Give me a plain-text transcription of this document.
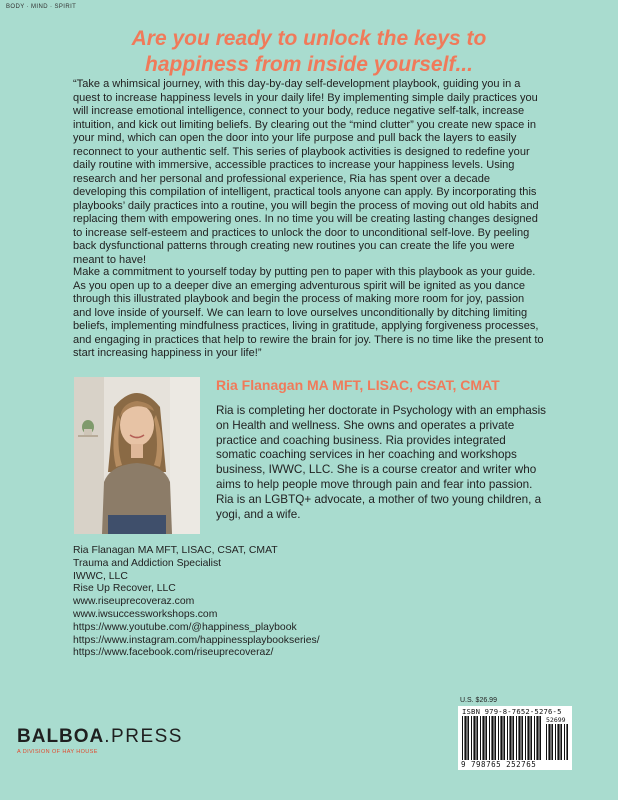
BODY · MIND · SPIRIT
Are you ready to unlock the keys to
happiness from inside yourself...

“Take a whimsical journey, with this day-by-day self-development playbook, guiding you in a quest to increase happiness levels in your daily life! By implementing simple daily practices you will increase emotional intelligence, connect to your body, reduce negative self-talk, increase intuition, and kick out limiting beliefs. By clearing out the “mind clutter” you create new space in your mind, which can open the door into your life purpose and pull back the layers to easily reconnect to your authentic self. This series of playbook activities is designed to redefine your daily routine with immersive, accessible practices to increase your happiness levels. Using research and her personal and professional experience, Ria has spent over a decade developing this compilation of intelligent, practical tools anyone can apply. By incorporating this playbooks’ daily practices into a routine, you will begin the process of moving out old habits and replacing them with empowering ones. In no time you will be creating lasting changes designed to increase self-esteem and practices to unlock the door to unconditional self-love. By peeling back dysfunctional patterns through creating new routines you can create the life you were meant to have!

Make a commitment to yourself today by putting pen to paper with this playbook as your guide. As you open up to a deeper dive an emerging adventurous spirit will be ignited as you dance through this illustrated playbook and begin the process of making more room for joy, passion and love inside of yourself. We can learn to love ourselves unconditionally by ditching limiting beliefs, implementing mindfulness practices, living in gratitude, applying forgiveness processes, and engaging in practices that help to rewire the brain for joy. There is no time like the present to start increasing happiness in your life!”

Ria Flanagan MA MFT, LISAC, CSAT, CMAT

Ria is completing her doctorate in Psychology with an emphasis on Health and wellness. She owns and operates a private practice and coaching business. Ria provides integrated somatic coaching services in her coaching and workshops business, IWWC, LLC. She is a course creator and writer who aims to help people move through pain and fear into passion. Ria is an LGBTQ+ advocate, a mother of two young children, a yogi, and a wife.

Ria Flanagan MA MFT, LISAC, CSAT, CMAT
Trauma and Addiction Specialist
IWWC, LLC
Rise Up Recover, LLC
www.riseuprecoveraz.com
www.iwsuccessworkshops.com
https://www.youtube.com/@happiness_playbook
https://www.instagram.com/happinessplaybookseries/
https://www.facebook.com/riseuprecoveraz/
BALBOA.PRESS
A DIVISION OF HAY HOUSE
U.S. $26.99
ISBN 979-8-7652-5276-5
52699
9 798765 252765
